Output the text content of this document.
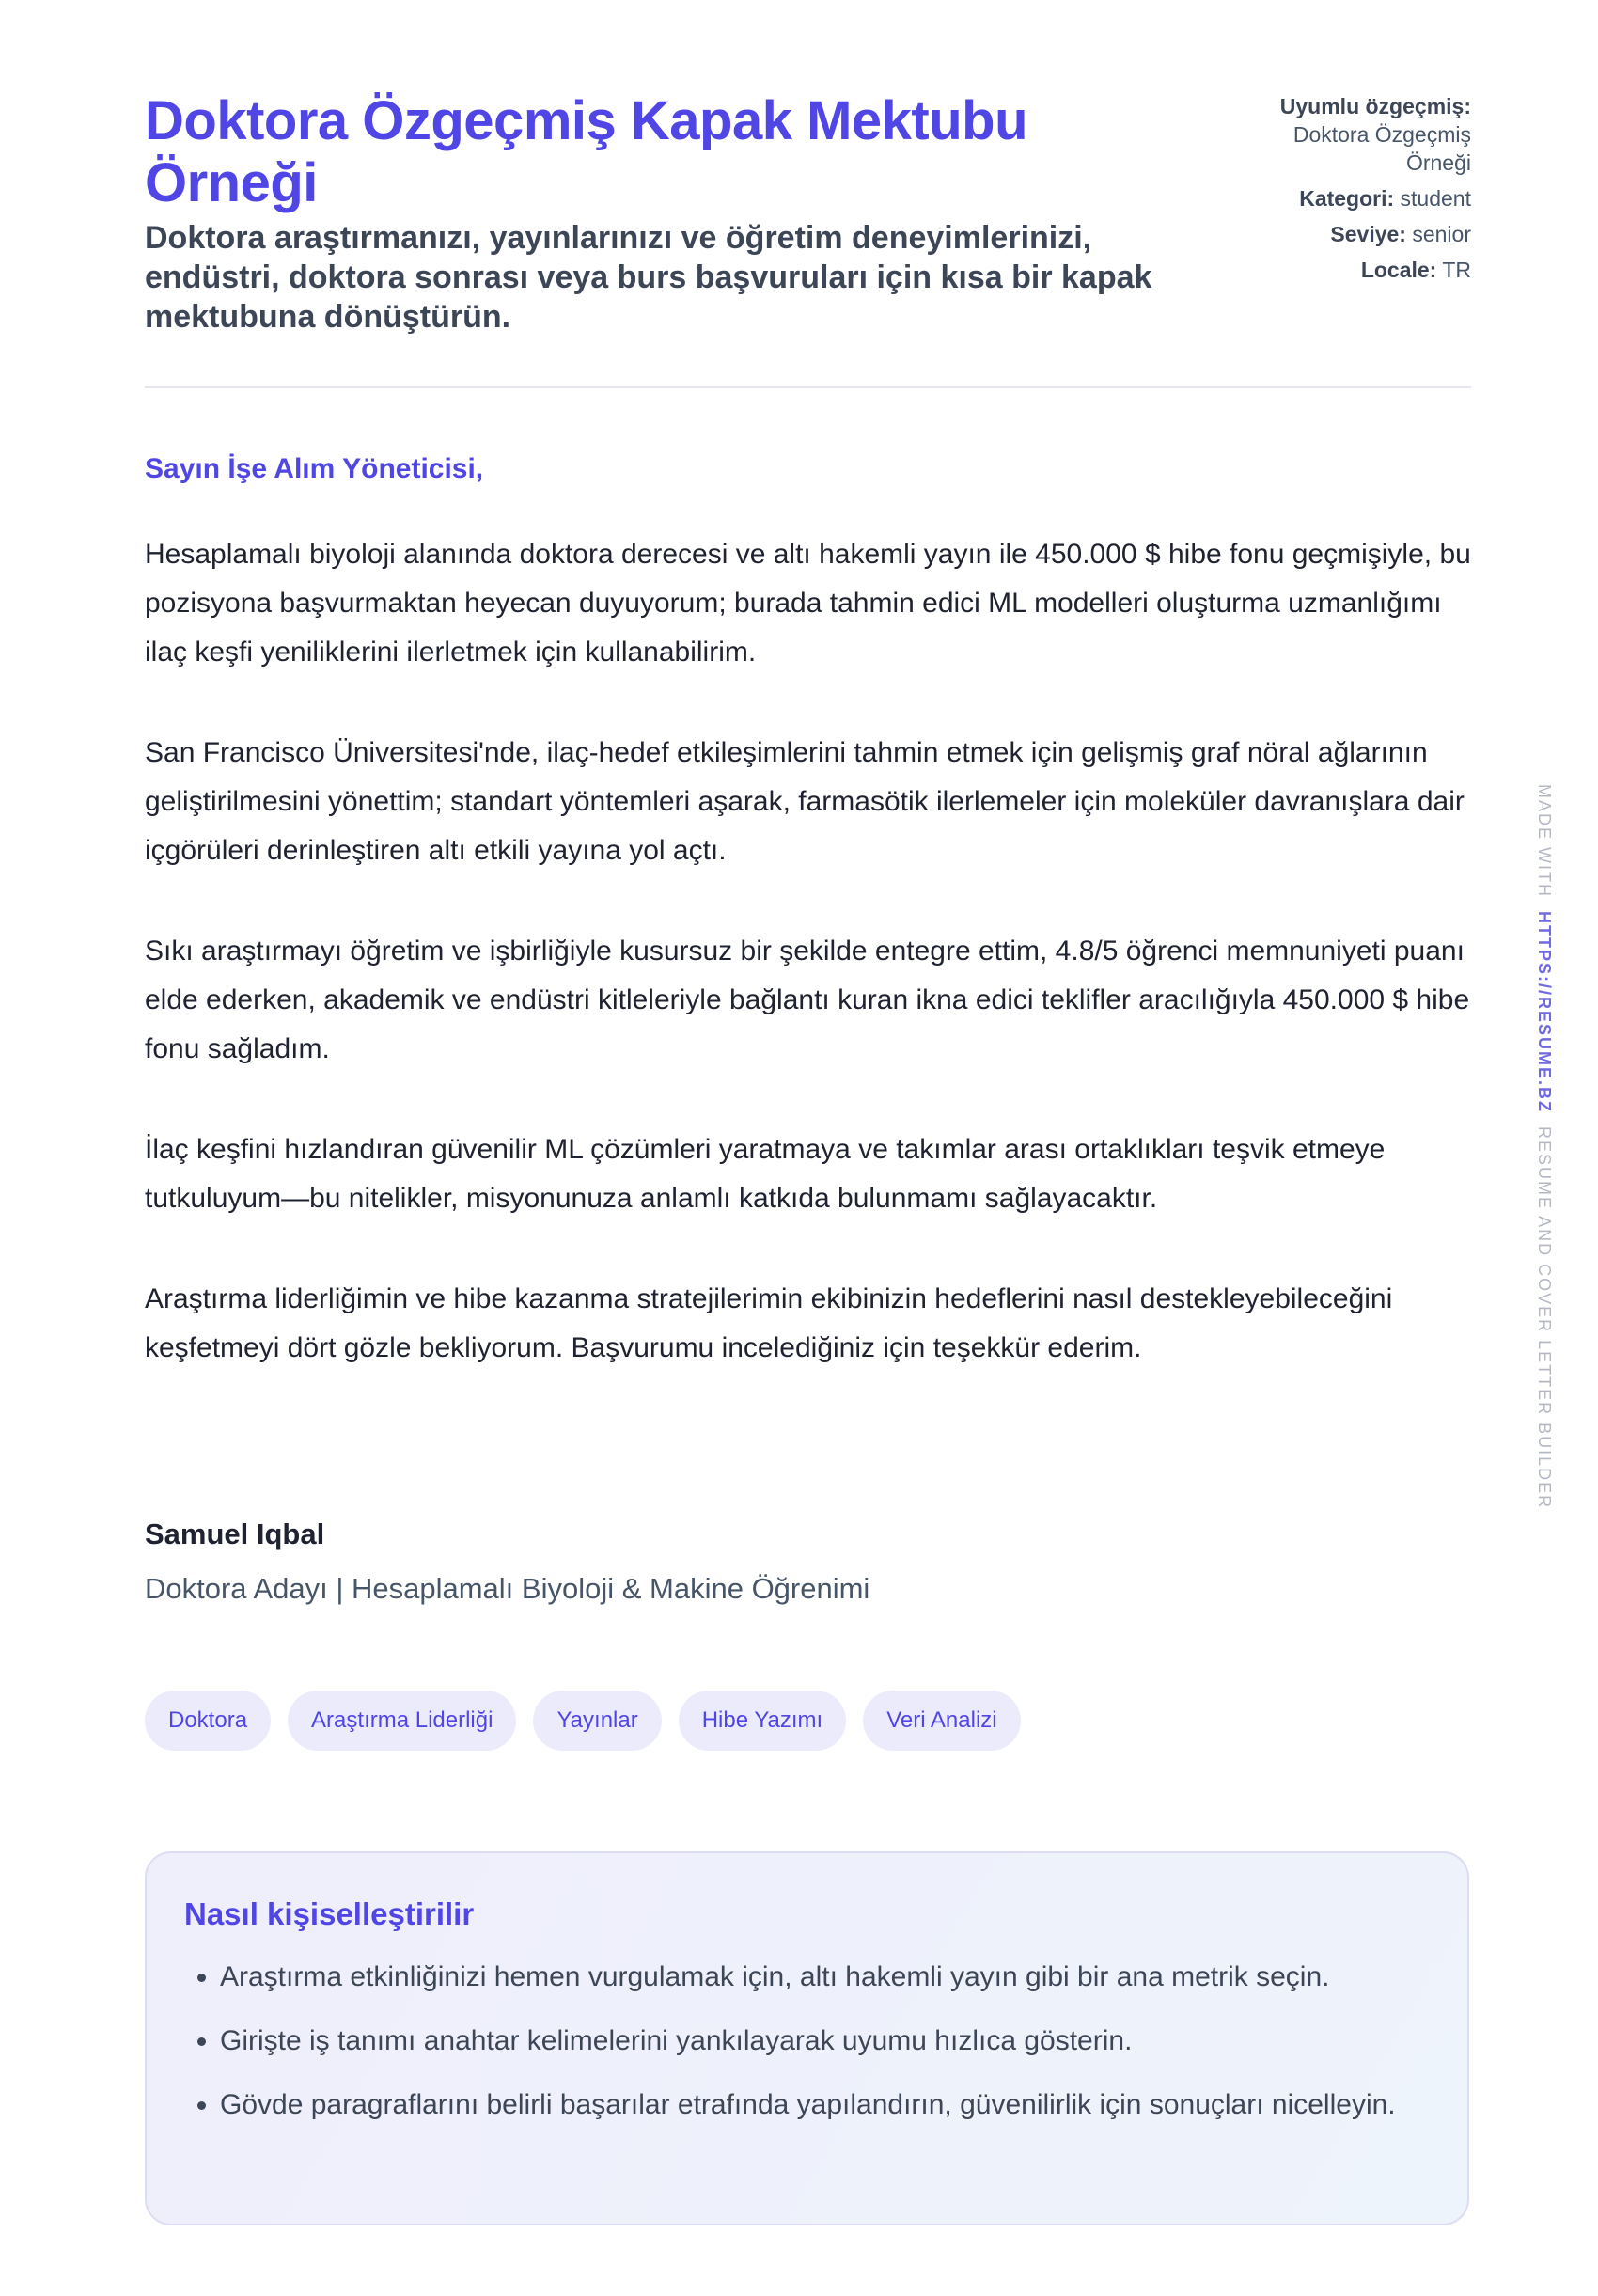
Doktora Özgeçmiş Kapak Mektubu Örneği
Doktora araştırmanızı, yayınlarınızı ve öğretim deneyimlerinizi, endüstri, doktora sonrası veya burs başvuruları için kısa bir kapak mektubuna dönüştürün.
Uyumlu özgeçmiş:
Doktora Özgeçmiş Örneği
Kategori: student
Seviye: senior
Locale: TR
Sayın İşe Alım Yöneticisi,

Hesaplamalı biyoloji alanında doktora derecesi ve altı hakemli yayın ile 450.000 $ hibe fonu geçmişiyle, bu pozisyona başvurmaktan heyecan duyuyorum; burada tahmin edici ML modelleri oluşturma uzmanlığımı ilaç keşfi yeniliklerini ilerletmek için kullanabilirim.

San Francisco Üniversitesi'nde, ilaç-hedef etkileşimlerini tahmin etmek için gelişmiş graf nöral ağlarının geliştirilmesini yönettim; standart yöntemleri aşarak, farmasötik ilerlemeler için moleküler davranışlara dair içgörüleri derinleştiren altı etkili yayına yol açtı.

Sıkı araştırmayı öğretim ve işbirliğiyle kusursuz bir şekilde entegre ettim, 4.8/5 öğrenci memnuniyeti puanı elde ederken, akademik ve endüstri kitleleriyle bağlantı kuran ikna edici teklifler aracılığıyla 450.000 $ hibe fonu sağladım.

İlaç keşfini hızlandıran güvenilir ML çözümleri yaratmaya ve takımlar arası ortaklıkları teşvik etmeye tutkuluyum—bu nitelikler, misyonunuza anlamlı katkıda bulunmamı sağlayacaktır.

Araştırma liderliğimin ve hibe kazanma stratejilerimin ekibinizin hedeflerini nasıl destekleyebileceğini keşfetmeyi dört gözle bekliyorum. Başvurumu incelediğiniz için teşekkür ederim.

Samuel Iqbal
Doktora Adayı | Hesaplamalı Biyoloji & Makine Öğrenimi
Doktora	Araştırma Liderliği	Yayınlar	Hibe Yazımı	Veri Analizi
Nasıl kişiselleştirilir
• Araştırma etkinliğinizi hemen vurgulamak için, altı hakemli yayın gibi bir ana metrik seçin.
• Girişte iş tanımı anahtar kelimelerini yankılayarak uyumu hızlıca gösterin.
• Gövde paragraflarını belirli başarılar etrafında yapılandırın, güvenilirlik için sonuçları nicelleyin.
MADE WITH  HTTPS://RESUME.BZ  RESUME AND COVER LETTER BUILDER
